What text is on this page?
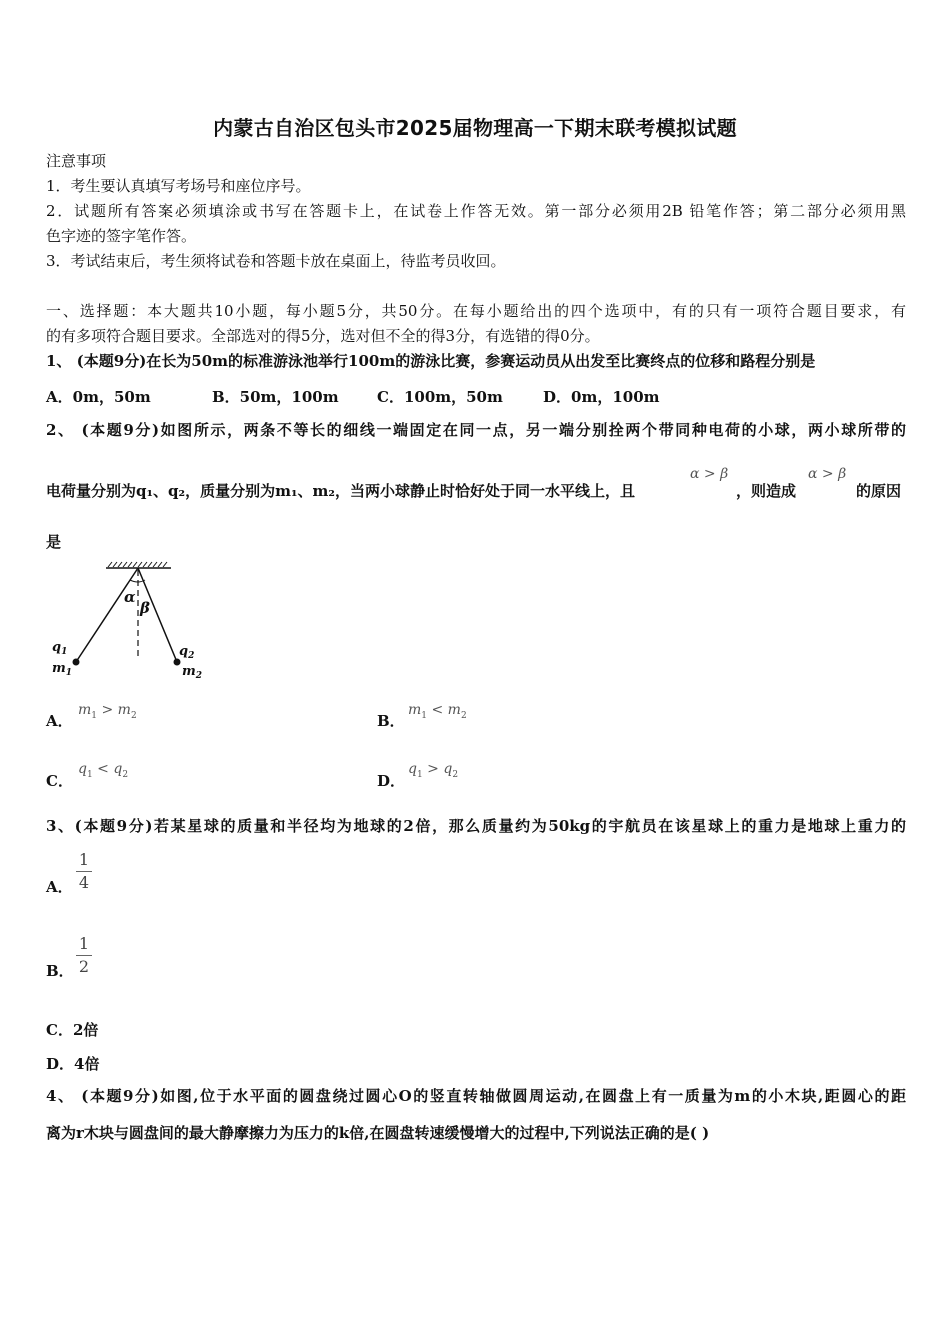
内蒙古自治区包头市2025届物理高一下期末联考模拟试题
注意事项
1．考生要认真填写考场号和座位序号。
2．试题所有答案必须填涂或书写在答题卡上，在试卷上作答无效。第一部分必须用2B 铅笔作答；第二部分必须用黑
色字迹的签字笔作答。
3．考试结束后，考生须将试卷和答题卡放在桌面上，待监考员收回。
一、选择题：本大题共10小题，每小题5分，共50分。在每小题给出的四个选项中，有的只有一项符合题目要求，有
的有多项符合题目要求。全部选对的得5分，选对但不全的得3分，有选错的得0分。
1、 (本题9分)在长为50m的标准游泳池举行100m的游泳比赛，参赛运动员从出发至比赛终点的位移和路程分别是
A．0m，50m	B．50m，100m	C．100m，50m	D．0m，100m
2、 (本题9分)如图所示，两条不等长的细线一端固定在同一点，另一端分别拴两个带同种电荷的小球，两小球所带的
电荷量分别为q₁、q₂，质量分别为m₁、m₂，当两小球静止时恰好处于同一水平线上，且
α > β
，则造成
α > β
的原因
是
α
β
$q_1$
$m_1$
$q_2$
$m_2$
A．
$m_1 > m_2$	B．
$m_1 < m_2$
C．
$q_1 < q_2$	D．
$q_1 > q_2$
3、(本题9分)若某星球的质量和半径均为地球的2倍，那么质量约为50kg的宇航员在该星球上的重力是地球上重力的
A． $\frac{1}{4}$
B． $\frac{1}{2}$
C．2倍
D．4倍
4、 (本题9分)如图,位于水平面的圆盘绕过圆心O的竖直转轴做圆周运动,在圆盘上有一质量为m的小木块,距圆心的距
离为r木块与圆盘间的最大静摩擦力为压力的k倍,在圆盘转速缓慢增大的过程中,下列说法正确的是( )
